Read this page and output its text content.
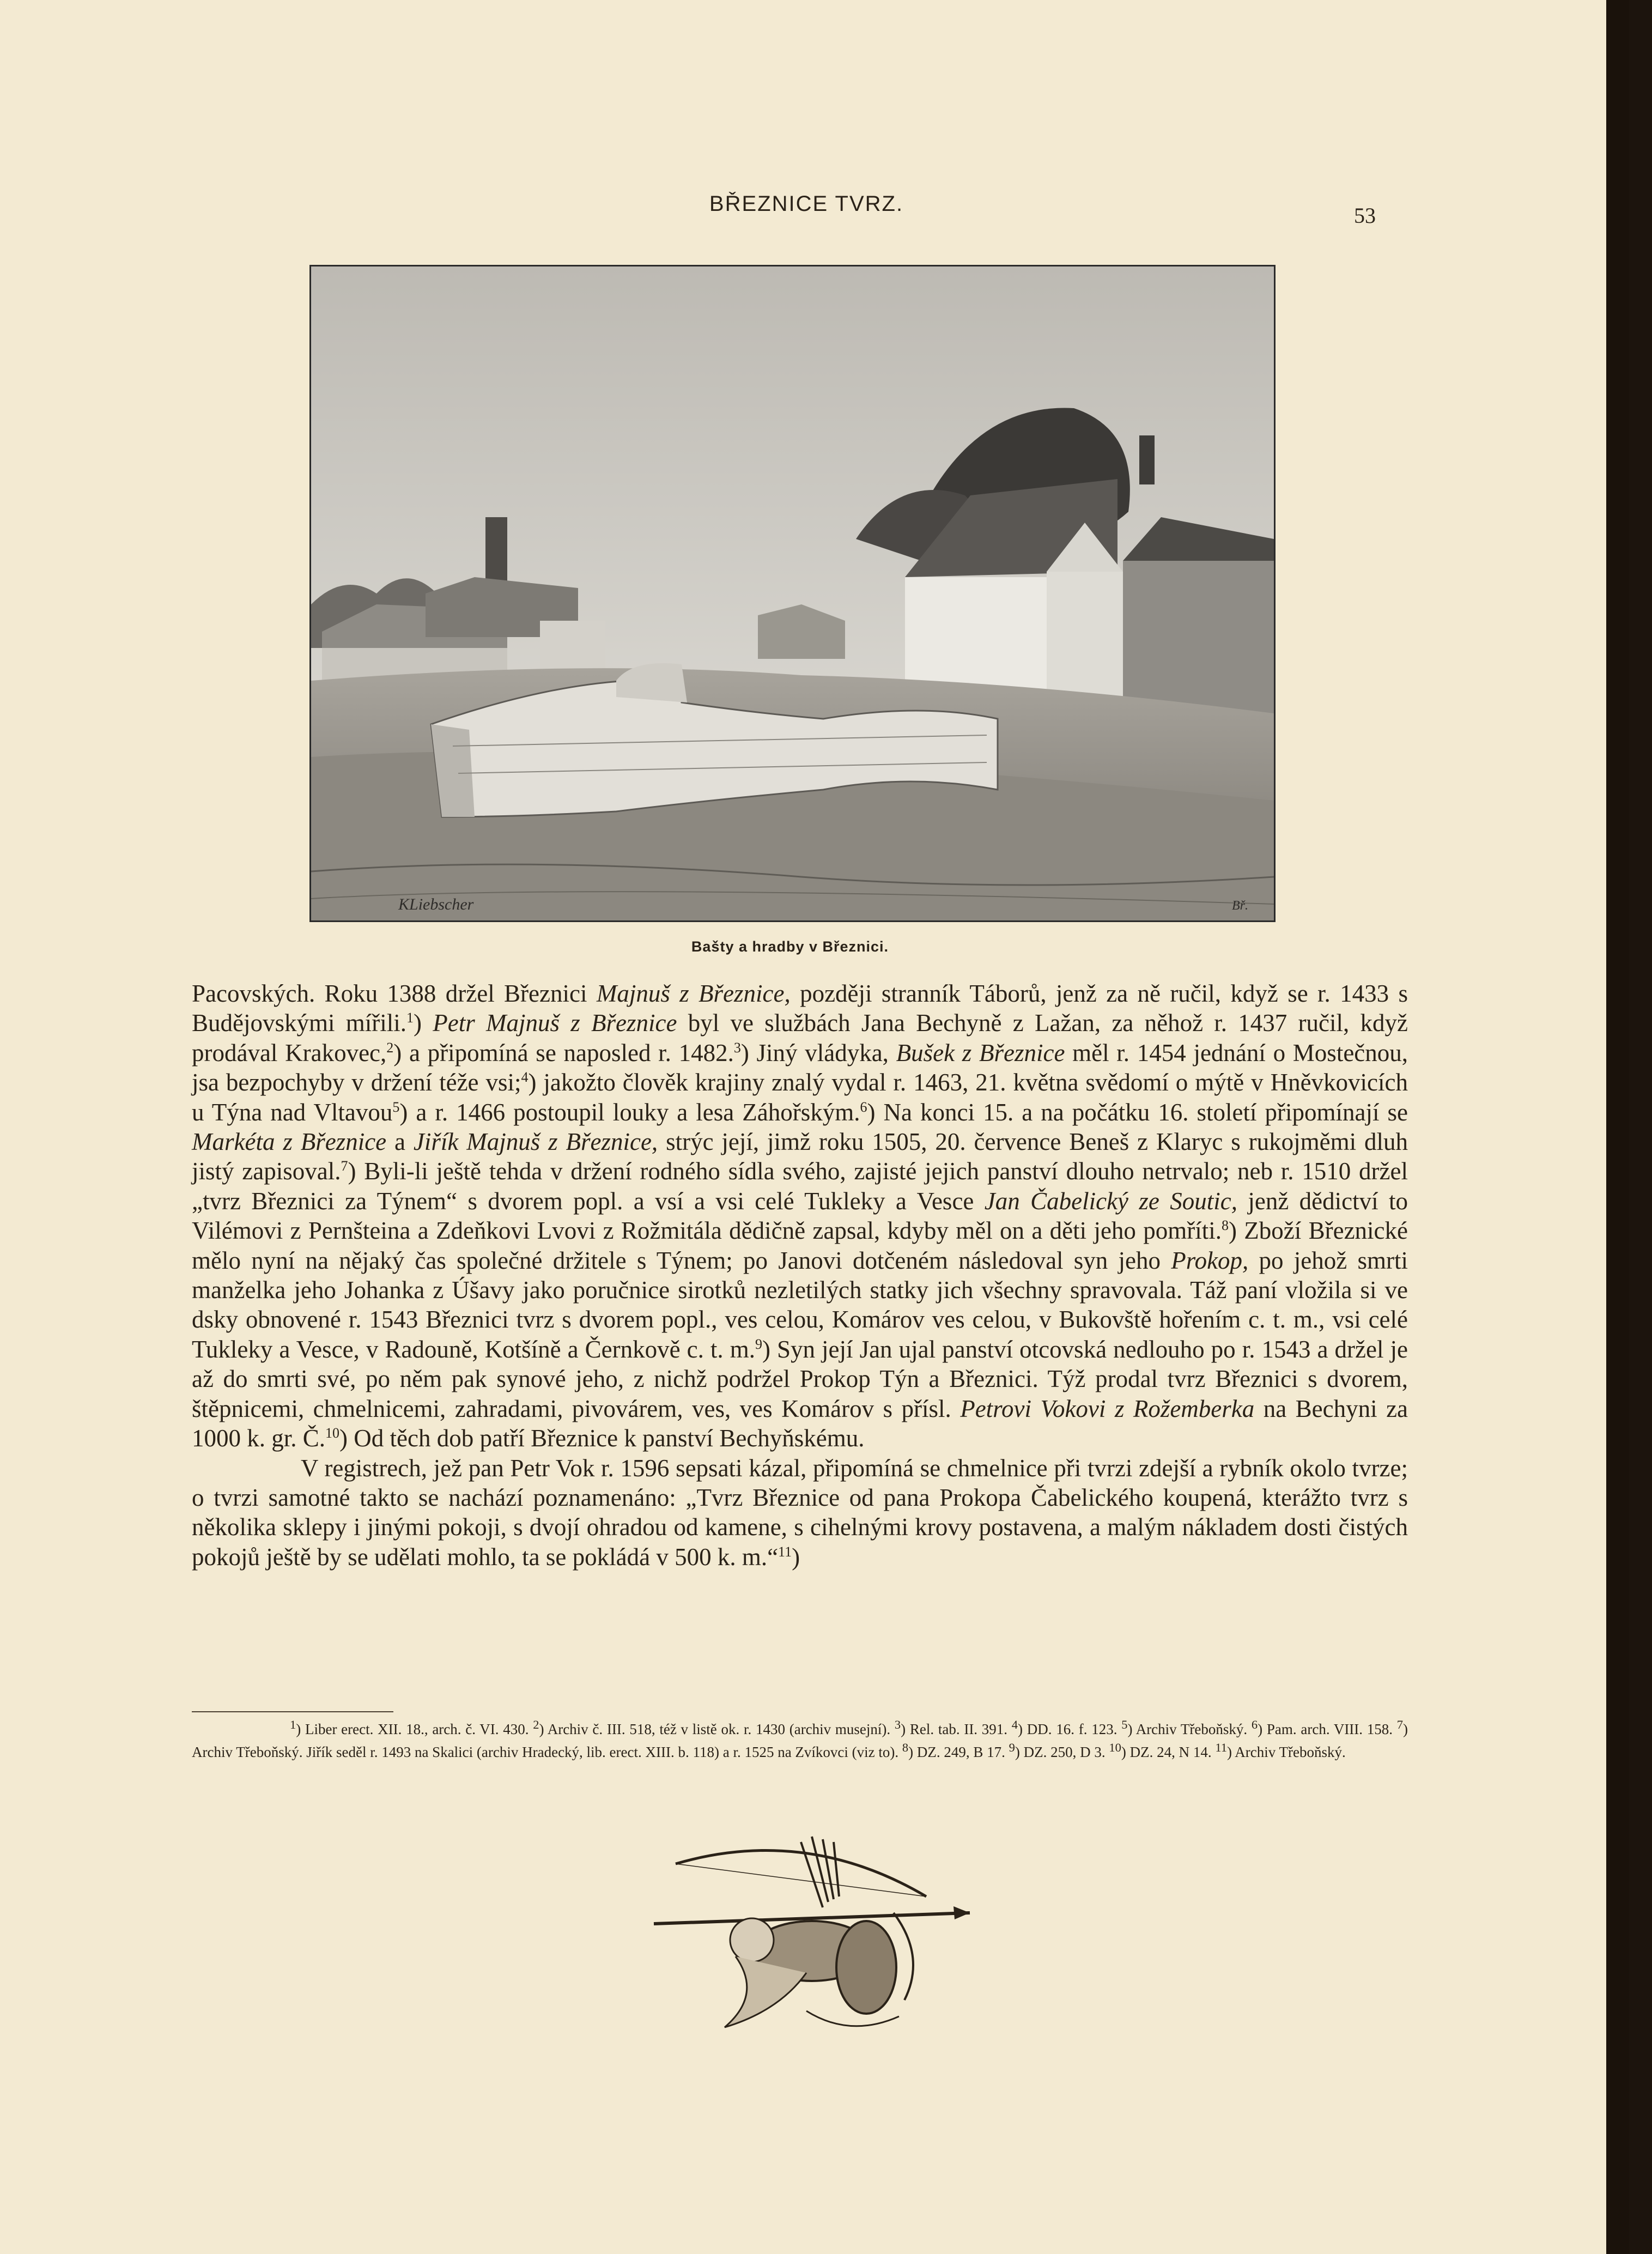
BŘEZNICE TVRZ.	53
KLiebscher	Bř.
Bašty a hradby v Březnici.

Pacovských. Roku 1388 držel Březnici Majnuš z Březnice, později stranník Táborů, jenž za ně ručil, když se r. 1433 s Budějovskými mířili.$^1$) Petr Majnuš z Březnice byl ve službách Jana Bechyně z Lažan, za něhož r. 1437 ručil, když prodával Krakovec,$^2$) a připomíná se naposled r. 1482.$^3$) Jiný vládyka, Bušek z Březnice měl r. 1454 jednání o Mostečnou, jsa bezpochyby v držení téže vsi;$^4$) jakožto člověk krajiny znalý vydal r. 1463, 21. května svědomí o mýtě v Hněvkovicích u Týna nad Vltavou$^5$) a r. 1466 postoupil louky a lesa Záhořským.$^6$) Na konci 15. a na počátku 16. století připomínají se Markéta z Březnice a Jiřík Majnuš z Březnice, strýc její, jimž roku 1505, 20. července Beneš z Klaryc s rukojměmi dluh jistý zapisoval.$^7$) Byli-li ještě tehda v držení rodného sídla svého, zajisté jejich panství dlouho netrvalo; neb r. 1510 držel „tvrz Březnici za Týnem“ s dvorem popl. a vsí a vsi celé Tukleky a Vesce Jan Čabelický ze Soutic, jenž dědictví to Vilémovi z Pernšteina a Zdeňkovi Lvovi z Rožmitála dědičně zapsal, kdyby měl on a děti jeho pomříti.$^8$) Zboží Březnické mělo nyní na nějaký čas společné držitele s Týnem; po Janovi dotčeném následoval syn jeho Prokop, po jehož smrti manželka jeho Johanka z Úšavy jako poručnice sirotků nezletilých statky jich všechny spravovala. Táž paní vložila si ve dsky obnovené r. 1543 Březnici tvrz s dvorem popl., ves celou, Komárov ves celou, v Bukovště hořením c. t. m., vsi celé Tukleky a Vesce, v Radouně, Kotšíně a Černkově c. t. m.$^9$) Syn její Jan ujal panství otcovská nedlouho po r. 1543 a držel je až do smrti své, po něm pak synové jeho, z nichž podržel Prokop Týn a Březnici. Týž prodal tvrz Březnici s dvorem, štěpnicemi, chmelnicemi, zahradami, pivovárem, ves, ves Komárov s přísl. Petrovi Vokovi z Rožemberka na Bechyni za 1000 k. gr. Č.$^{10}$) Od těch dob patří Březnice k panství Bechyňskému.

V registrech, jež pan Petr Vok r. 1596 sepsati kázal, připomíná se chmelnice při tvrzi zdejší a rybník okolo tvrze; o tvrzi samotné takto se nachází poznamenáno: „Tvrz Březnice od pana Prokopa Čabelického koupená, kterážto tvrz s několika sklepy i jinými pokoji, s dvojí ohradou od kamene, s cihelnými krovy postavena, a malým nákladem dosti čistých pokojů ještě by se udělati mohlo, ta se pokládá v 500 k. m.“$^{11}$)

$^1$) Liber erect. XII. 18., arch. č. VI. 430. $^2$) Archiv č. III. 518, též v listě ok. r. 1430 (archiv musejní). $^3$) Rel. tab. II. 391. $^4$) DD. 16. f. 123. $^5$) Archiv Třeboňský. $^6$) Pam. arch. VIII. 158. $^7$) Archiv Třeboňský. Jiřík seděl r. 1493 na Skalici (archiv Hradecký, lib. erect. XIII. b. 118) a r. 1525 na Zvíkovci (viz to). $^8$) DZ. 249, B 17. $^9$) DZ. 250, D 3. $^{10}$) DZ. 24, N 14. $^{11}$) Archiv Třeboňský.
